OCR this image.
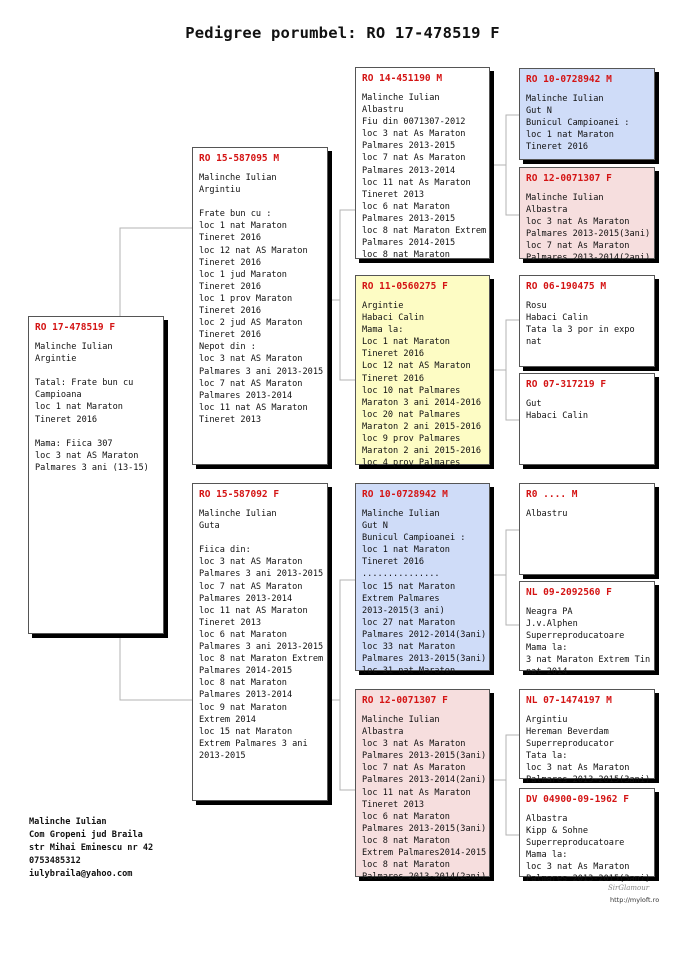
Pedigree porumbel: RO 17-478519 F
RO 17-478519 F
Malinche Iulian
Argintie

Tatal: Frate bun cu
Campioana
loc 1 nat Maraton
Tineret 2016

Mama: Fiica 307
loc 3 nat AS Maraton
Palmares 3 ani (13-15)
RO 15-587095 M
Malinche Iulian
Argintiu

Frate bun cu :
loc 1 nat Maraton
Tineret 2016
loc 12 nat AS Maraton
Tineret 2016
loc 1 jud Maraton
Tineret 2016
loc 1 prov Maraton
Tineret 2016
loc 2 jud AS Maraton
Tineret 2016
Nepot din :
loc 3 nat AS Maraton
Palmares 3 ani 2013-2015
loc 7 nat AS Maraton
Palmares 2013-2014
loc 11 nat AS Maraton
Tineret 2013
RO 15-587092 F
Malinche Iulian
Guta

Fiica din:
loc 3 nat AS Maraton
Palmares 3 ani 2013-2015
loc 7 nat AS Maraton
Palmares 2013-2014
loc 11 nat AS Maraton
Tineret 2013
loc 6 nat Maraton
Palmares 3 ani 2013-2015
loc 8 nat Maraton Extrem
Palmares 2014-2015
loc 8 nat Maraton
Palmares 2013-2014
loc 9 nat Maraton
Extrem 2014
loc 15 nat Maraton
Extrem Palmares 3 ani
2013-2015
RO 14-451190 M
Malinche Iulian
Albastru
Fiu din 0071307-2012
loc 3 nat As Maraton
Palmares 2013-2015
loc 7 nat As Maraton
Palmares 2013-2014
loc 11 nat As Maraton
Tineret 2013
loc 6 nat Maraton
Palmares 2013-2015
loc 8 nat Maraton Extrem
Palmares 2014-2015
loc 8 nat Maraton
RO 11-0560275 F
Argintie
Habaci Calin
Mama la:
Loc 1 nat Maraton
Tineret 2016
Loc 12 nat AS Maraton
Tineret 2016
loc 10 nat Palmares
Maraton 3 ani 2014-2016
loc 20 nat Palmares
Maraton 2 ani 2015-2016
loc 9 prov Palmares
Maraton 2 ani 2015-2016
loc 4 prov Palmares
RO 10-0728942 M
Malinche Iulian
Gut N
Bunicul Campioanei :
loc 1 nat Maraton
Tineret 2016
...............
loc 15 nat Maraton
Extrem Palmares
2013-2015(3 ani)
loc 27 nat Maraton
Palmares 2012-2014(3ani)
loc 33 nat Maraton
Palmares 2013-2015(3ani)
loc 31 nat Maraton
RO 12-0071307 F
Malinche Iulian
Albastra
loc 3 nat As Maraton
Palmares 2013-2015(3ani)
loc 7 nat As Maraton
Palmares 2013-2014(2ani)
loc 11 nat As Maraton
Tineret 2013
loc 6 nat Maraton
Palmares 2013-2015(3ani)
loc 8 nat Maraton
Extrem Palmares2014-2015
loc 8 nat Maraton
Palmares 2013-2014(2ani)
RO 10-0728942 M
Malinche Iulian
Gut N
Bunicul Campioanei :
loc 1 nat Maraton
Tineret 2016
RO 12-0071307 F
Malinche Iulian
Albastra
loc 3 nat As Maraton
Palmares 2013-2015(3ani)
loc 7 nat As Maraton
Palmares 2013-2014(2ani)
RO 06-190475 M
Rosu
Habaci Calin
Tata la 3 por in expo
nat
RO 07-317219 F
Gut
Habaci Calin
R0 .... M
Albastru
NL 09-2092560 F
Neagra PA
J.v.Alphen
Superreproducatoare
Mama la:
3 nat Maraton Extrem Tin
nat 2014
NL 07-1474197 M
Argintiu
Hereman Beverdam
Superreproducator
Tata la:
loc 3 nat As Maraton
Palmares 2013-2015(3ani)
DV 04900-09-1962 F
Albastra
Kipp & Sohne
Superreproducatoare
Mama la:
loc 3 nat As Maraton
Palmares 2013-2015(3ani)
Malinche Iulian
Com Gropeni jud Braila
str Mihai Eminescu nr 42
0753485312
iulybraila@yahoo.com
SirGlamour
http://myloft.ro
